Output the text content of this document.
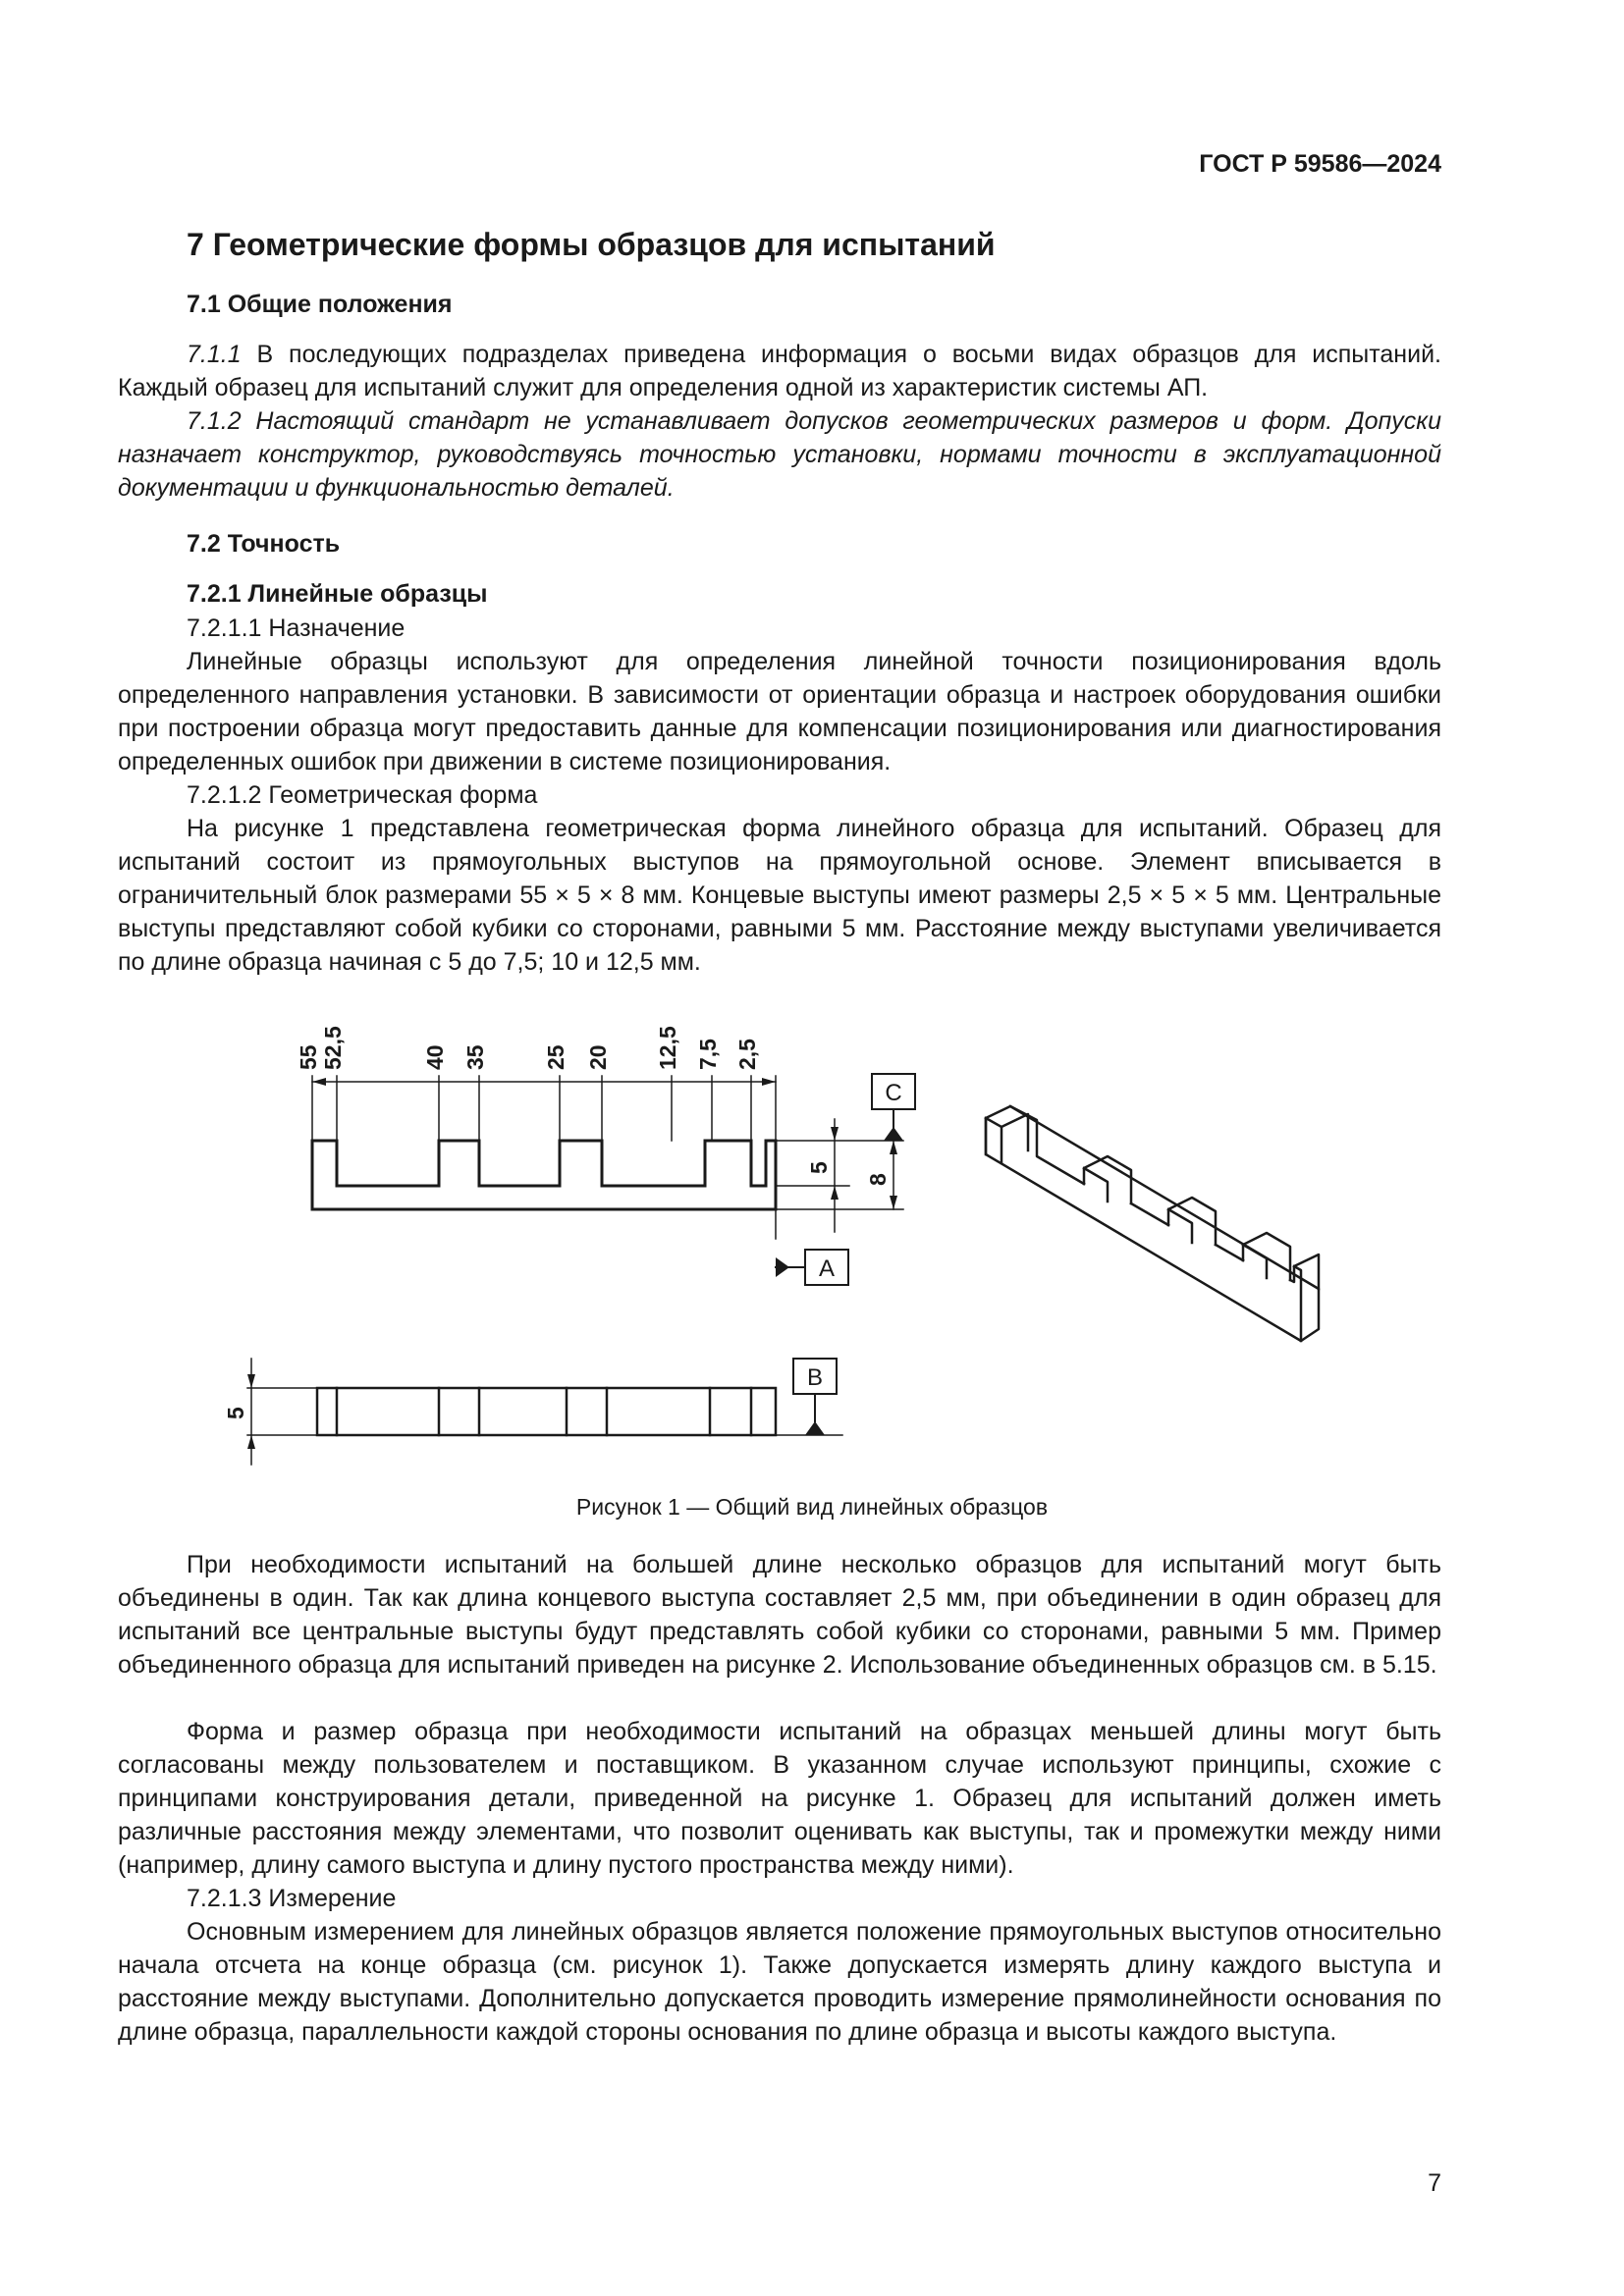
ГОСТ Р 59586—2024
7 Геометрические формы образцов для испытаний
7.1 Общие положения

7.1.1 В последующих подразделах приведена информация о восьми видах образцов для испытаний. Каждый образец для испытаний служит для определения одной из характеристик системы АП.

7.1.2 Настоящий стандарт не устанавливает допусков геометрических размеров и форм. Допуски назначает конструктор, руководствуясь точностью установки, нормами точности в эксплуатационной документации и функциональностью деталей.

7.2 Точность
7.2.1 Линейные образцы
7.2.1.1 Назначение

Линейные образцы используют для определения линейной точности позиционирования вдоль определенного направления установки. В зависимости от ориентации образца и настроек оборудования ошибки при построении образца могут предоставить данные для компенсации позиционирования или диагностирования определенных ошибок при движении в системе позиционирования.

7.2.1.2 Геометрическая форма

На рисунке 1 представлена геометрическая форма линейного образца для испытаний. Образец для испытаний состоит из прямоугольных выступов на прямоугольной основе. Элемент вписывается в ограничительный блок размерами 55 × 5 × 8 мм. Концевые выступы имеют размеры 2,5 × 5 × 5 мм. Центральные выступы представляют собой кубики со сторонами, равными 5 мм. Расстояние между выступами увеличивается по длине образца начиная с 5 до 7,5; 10 и 12,5 мм.

55 52,5	40 35 25 20 12,5 7,5 2,5
5
8
5
C
A
B
Рисунок 1 — Общий вид линейных образцов

При необходимости испытаний на большей длине несколько образцов для испытаний могут быть объединены в один. Так как длина концевого выступа составляет 2,5 мм, при объединении в один образец для испытаний все центральные выступы будут представлять собой кубики со сторонами, равными 5 мм. Пример объединенного образца для испытаний приведен на рисунке 2. Использование объединенных образцов см. в 5.15.

Форма и размер образца при необходимости испытаний на образцах меньшей длины могут быть согласованы между пользователем и поставщиком. В указанном случае используют принципы, схожие с принципами конструирования детали, приведенной на рисунке 1. Образец для испытаний должен иметь различные расстояния между элементами, что позволит оценивать как выступы, так и промежутки между ними (например, длину самого выступа и длину пустого пространства между ними).

7.2.1.3 Измерение

Основным измерением для линейных образцов является положение прямоугольных выступов относительно начала отсчета на конце образца (см. рисунок 1). Также допускается измерять длину каждого выступа и расстояние между выступами. Дополнительно допускается проводить измерение прямолинейности основания по длине образца, параллельности каждой стороны основания по длине образца и высоты каждого выступа.

7
